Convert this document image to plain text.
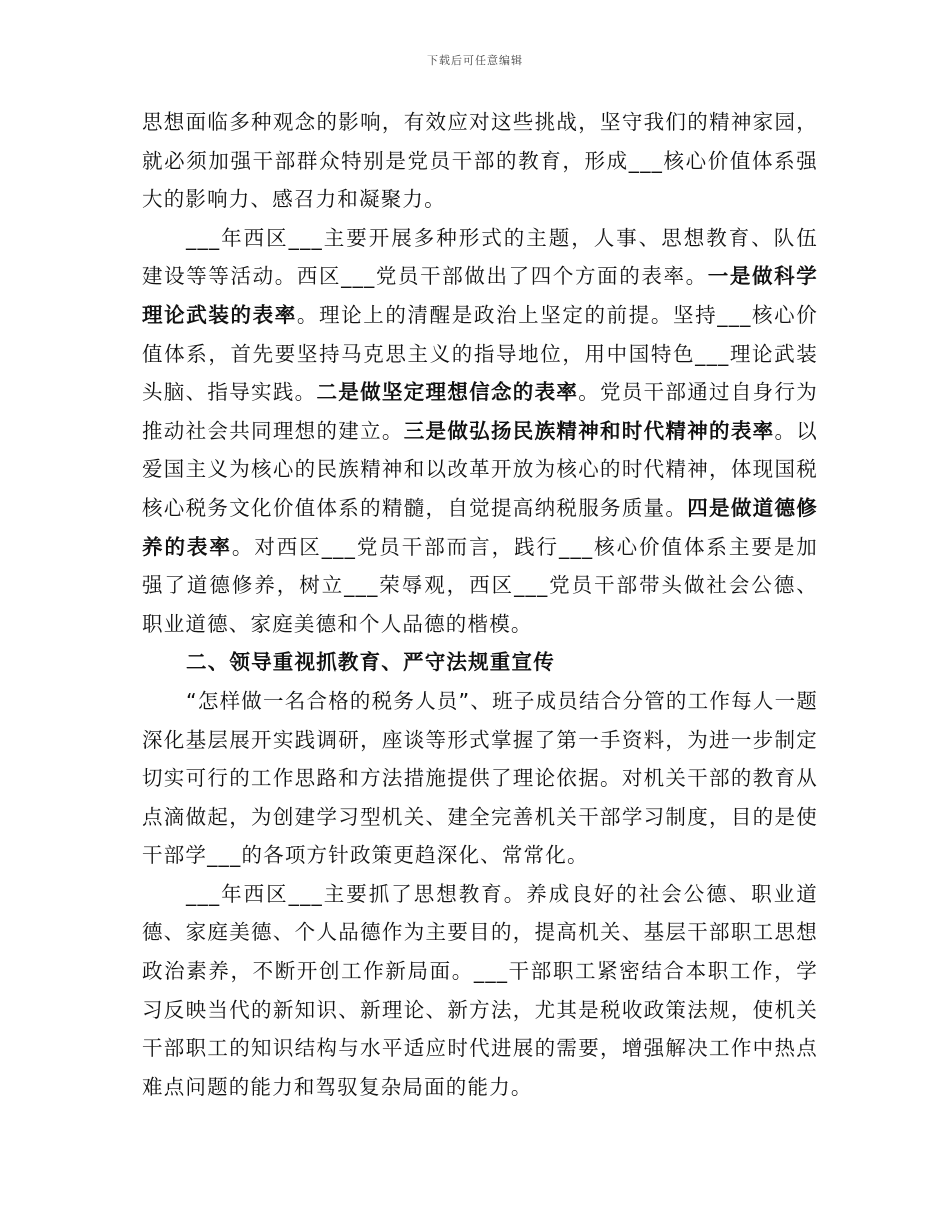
下载后可任意编辑

思想面临多种观念的影响，有效应对这些挑战，坚守我们的精神家园，就必须加强干部群众特别是党员干部的教育，形成___核心价值体系强大的影响力、感召力和凝聚力。

___年西区___主要开展多种形式的主题，人事、思想教育、队伍建设等等活动。西区___党员干部做出了四个方面的表率。一是做科学理论武装的表率。理论上的清醒是政治上坚定的前提。坚持___核心价值体系，首先要坚持马克思主义的指导地位，用中国特色___理论武装头脑、指导实践。二是做坚定理想信念的表率。党员干部通过自身行为推动社会共同理想的建立。三是做弘扬民族精神和时代精神的表率。以爱国主义为核心的民族精神和以改革开放为核心的时代精神，体现国税核心税务文化价值体系的精髓，自觉提高纳税服务质量。四是做道德修养的表率。对西区___党员干部而言，践行___核心价值体系主要是加强了道德修养，树立___荣辱观，西区___党员干部带头做社会公德、职业道德、家庭美德和个人品德的楷模。

二、领导重视抓教育、严守法规重宣传

“怎样做一名合格的税务人员”、班子成员结合分管的工作每人一题深化基层展开实践调研，座谈等形式掌握了第一手资料，为进一步制定切实可行的工作思路和方法措施提供了理论依据。对机关干部的教育从点滴做起，为创建学习型机关、建全完善机关干部学习制度，目的是使干部学___的各项方针政策更趋深化、常常化。

___年西区___主要抓了思想教育。养成良好的社会公德、职业道德、家庭美德、个人品德作为主要目的，提高机关、基层干部职工思想政治素养，不断开创工作新局面。___干部职工紧密结合本职工作，学习反映当代的新知识、新理论、新方法，尤其是税收政策法规，使机关干部职工的知识结构与水平适应时代进展的需要，增强解决工作中热点难点问题的能力和驾驭复杂局面的能力。
